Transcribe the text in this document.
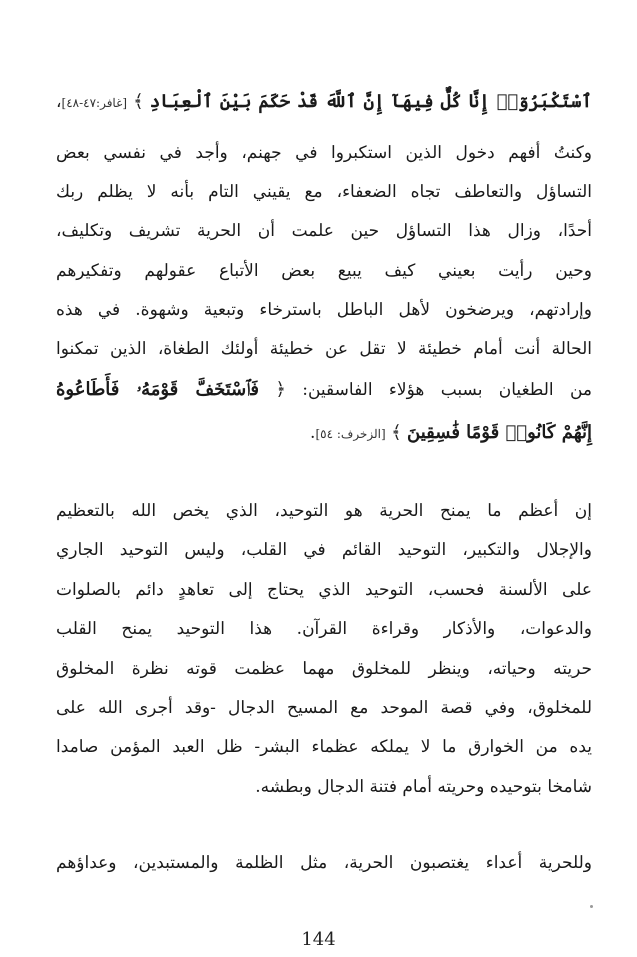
ٱسْتَكْبَرُوٓا۟ إِنَّا كُلٌّ فِيهَآ إِنَّ ٱللَّهَ قَدْ حَكَمَ بَيْنَ ٱلْعِبَادِ ﴾ [غافر:٤٧-٤٨]،
وكنتُ أفهم دخول الذين استكبروا في جهنم، وأجد في نفسي بعض
التساؤل والتعاطف تجاه الضعفاء، مع يقيني التام بأنه لا يظلم ربك
أحدًا، وزال هذا التساؤل حين علمت أن الحرية تشريف وتكليف،
وحين رأيت بعيني كيف يبيع بعض الأتباع عقولهم وتفكيرهم
وإرادتهم، ويرضخون لأهل الباطل باسترخاء وتبعية وشهوة. في هذه
الحالة أنت أمام خطيئة لا تقل عن خطيئة أولئك الطغاة، الذين تمكنوا
من الطغيان بسبب هؤلاء الفاسقين: ﴿ فَٱسْتَخَفَّ قَوْمَهُۥ فَأَطَاعُوهُ
إِنَّهُمْ كَانُوا۟ قَوْمًا فَٰسِقِينَ ﴾ [الزخرف: ٥٤].
إن أعظم ما يمنح الحرية هو التوحيد، الذي يخص الله بالتعظيم
والإجلال والتكبير، التوحيد القائم في القلب، وليس التوحيد الجاري
على الألسنة فحسب، التوحيد الذي يحتاج إلى تعاهدٍ دائم بالصلوات
والدعوات، والأذكار وقراءة القرآن. هذا التوحيد يمنح القلب
حريته وحياته، وينظر للمخلوق مهما عظمت قوته نظرة المخلوق
للمخلوق، وفي قصة الموحد مع المسيح الدجال -وقد أجرى الله على
يده من الخوارق ما لا يملكه عظماء البشر- ظل العبد المؤمن صامدا
شامخا بتوحيده وحريته أمام فتنة الدجال وبطشه.
وللحرية أعداء يغتصبون الحرية، مثل الظلمة والمستبدين، وعداؤهم
144
